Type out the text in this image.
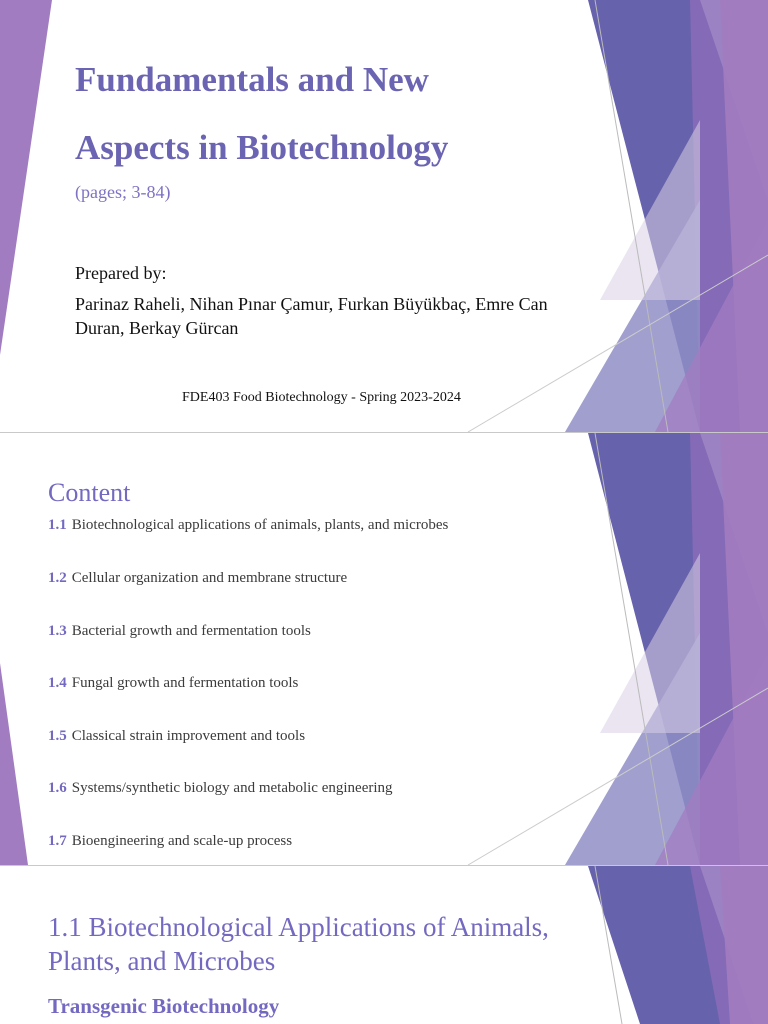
Fundamentals and New
Aspects in Biotechnology

(pages; 3-84)

Prepared by:

Parinaz Raheli, Nihan Pınar Çamur, Furkan Büyükbaç, Emre Can Duran, Berkay Gürcan

FDE403 Food Biotechnology - Spring 2023-2024

Content
1.1 Biotechnological applications of animals, plants, and microbes
1.2 Cellular organization and membrane structure
1.3 Bacterial growth and fermentation tools
1.4 Fungal growth and fermentation tools
1.5 Classical strain improvement and tools
1.6 Systems/synthetic biology and metabolic engineering
1.7 Bioengineering and scale-up process
1.1 Biotechnological Applications of Animals, Plants, and Microbes
Transgenic Biotechnology
